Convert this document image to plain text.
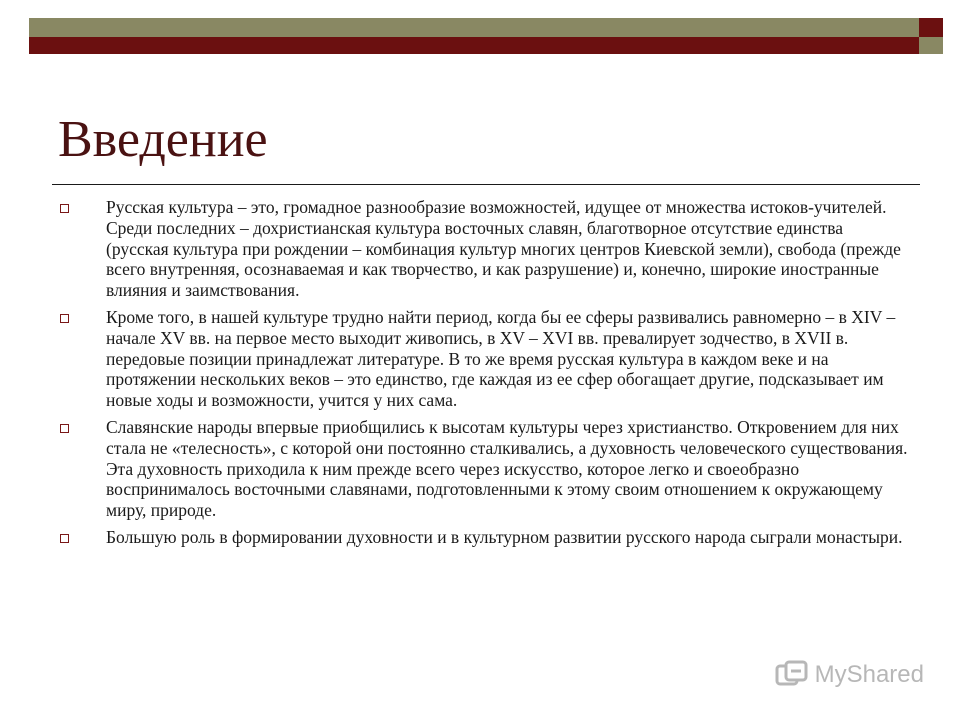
Введение
Русская культура – это, громадное разнообразие возможностей, идущее от множества истоков-учителей. Среди последних – дохристианская культура восточных славян, благотворное отсутствие единства (русская культура при рождении – комбинация культур многих центров Киевской земли), свобода (прежде всего внутренняя, осознаваемая и как творчество, и как разрушение) и, конечно, широкие иностранные влияния и заимствования.
Кроме того, в нашей культуре трудно найти период, когда бы ее сферы развивались равномерно – в XIV – начале XV вв. на первое место выходит живопись, в XV – XVI вв. превалирует зодчество, в XVII в. передовые позиции принадлежат литературе. В то же время русская культура в каждом веке и на протяжении нескольких веков – это единство, где каждая из ее сфер обогащает другие, подсказывает им новые ходы и возможности, учится у них сама.
Славянские народы впервые приобщились к высотам культуры через христианство. Откровением для них стала не «телесность», с которой они постоянно сталкивались, а духовность человеческого существования. Эта духовность приходила к ним прежде всего через искусство, которое легко и своеобразно воспринималось восточными славянами, подготовленными к этому своим отношением к окружающему миру, природе.
Большую роль в формировании духовности и в культурном развитии русского народа сыграли монастыри.
MyShared
